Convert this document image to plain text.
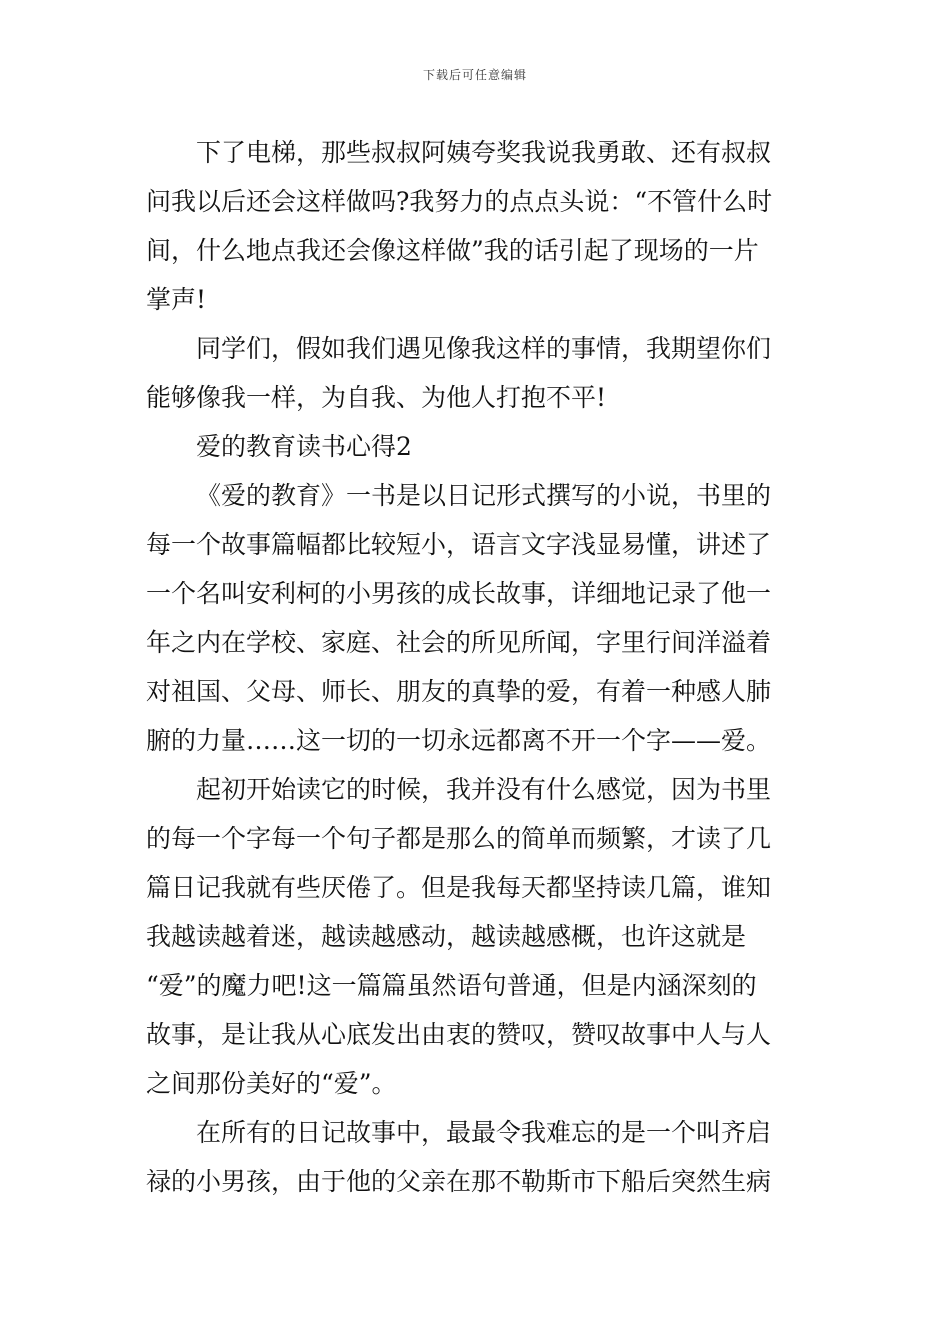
下载后可任意编辑
下了电梯，那些叔叔阿姨夸奖我说我勇敢、还有叔叔
问我以后还会这样做吗?我努力的点点头说：“不管什么时
间，什么地点我还会像这样做”我的话引起了现场的一片
掌声!
同学们，假如我们遇见像我这样的事情，我期望你们
能够像我一样，为自我、为他人打抱不平!
爱的教育读书心得2
《爱的教育》一书是以日记形式撰写的小说，书里的
每一个故事篇幅都比较短小，语言文字浅显易懂，讲述了
一个名叫安利柯的小男孩的成长故事，详细地记录了他一
年之内在学校、家庭、社会的所见所闻，字里行间洋溢着
对祖国、父母、师长、朋友的真挚的爱，有着一种感人肺
腑的力量……这一切的一切永远都离不开一个字——爱。
起初开始读它的时候，我并没有什么感觉，因为书里
的每一个字每一个句子都是那么的简单而频繁，才读了几
篇日记我就有些厌倦了。但是我每天都坚持读几篇，谁知
我越读越着迷，越读越感动，越读越感概，也许这就是
“爱”的魔力吧!这一篇篇虽然语句普通，但是内涵深刻的
故事，是让我从心底发出由衷的赞叹，赞叹故事中人与人
之间那份美好的“爱”。
在所有的日记故事中，最最令我难忘的是一个叫齐启
禄的小男孩，由于他的父亲在那不勒斯市下船后突然生病
